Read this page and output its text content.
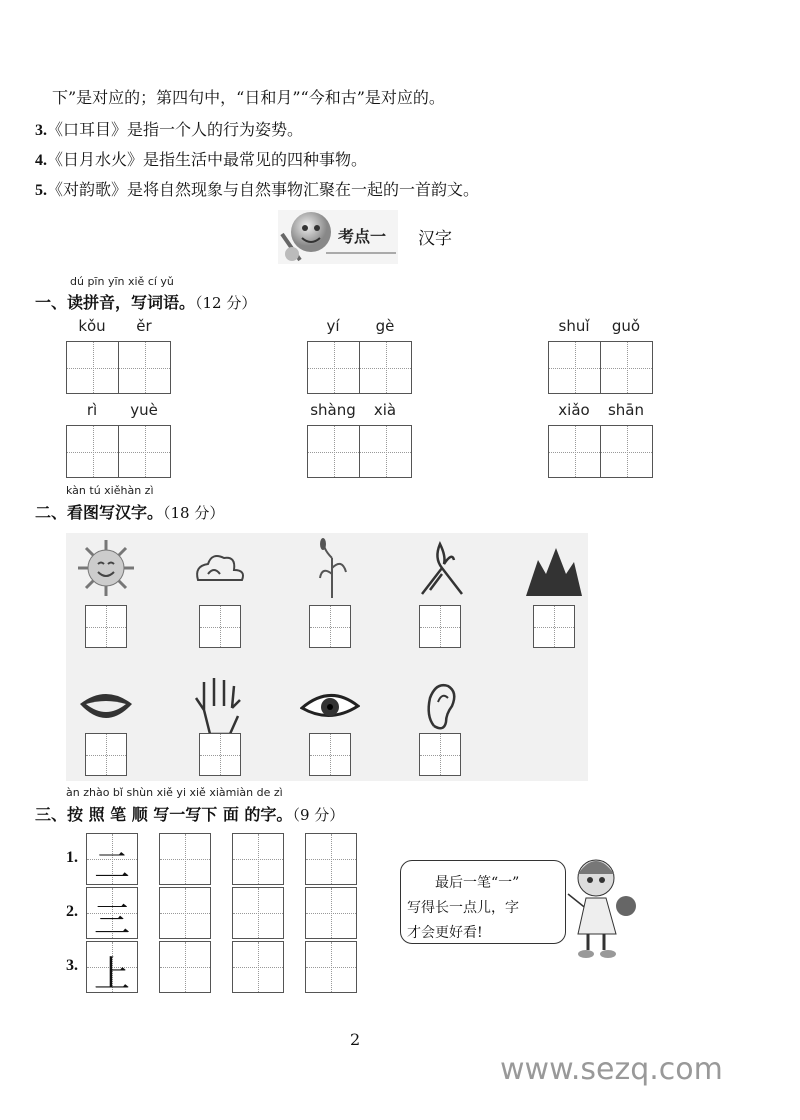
下”是对应的；第四句中，“日和月”“今和古”是对应的。
3.《口耳目》是指一个人的行为姿势。
4.《日月水火》是指生活中最常见的四种事物。
5.《对韵歌》是将自然现象与自然事物汇聚在一起的一首韵文。
考点一 汉字
dú pīn yīn xiě cí yǔ
一、读拼音，写词语。（12 分）
kǒu	ěr	yí	gè	shuǐ	guǒ
rì	yuè	shàng	xià	xiǎo	shān
kàn tú xiěhàn zì
二、看图写汉字。（18 分）
àn zhào bǐ shùn xiě yi xiě xiàmiàn de zì
三、按 照 笔 顺 写一写下 面 的字。（9 分）
1. 二
2. 三
3. 上
　　最后一笔“一”
写得长一点儿，字
才会更好看!
2
www.sezq.com
